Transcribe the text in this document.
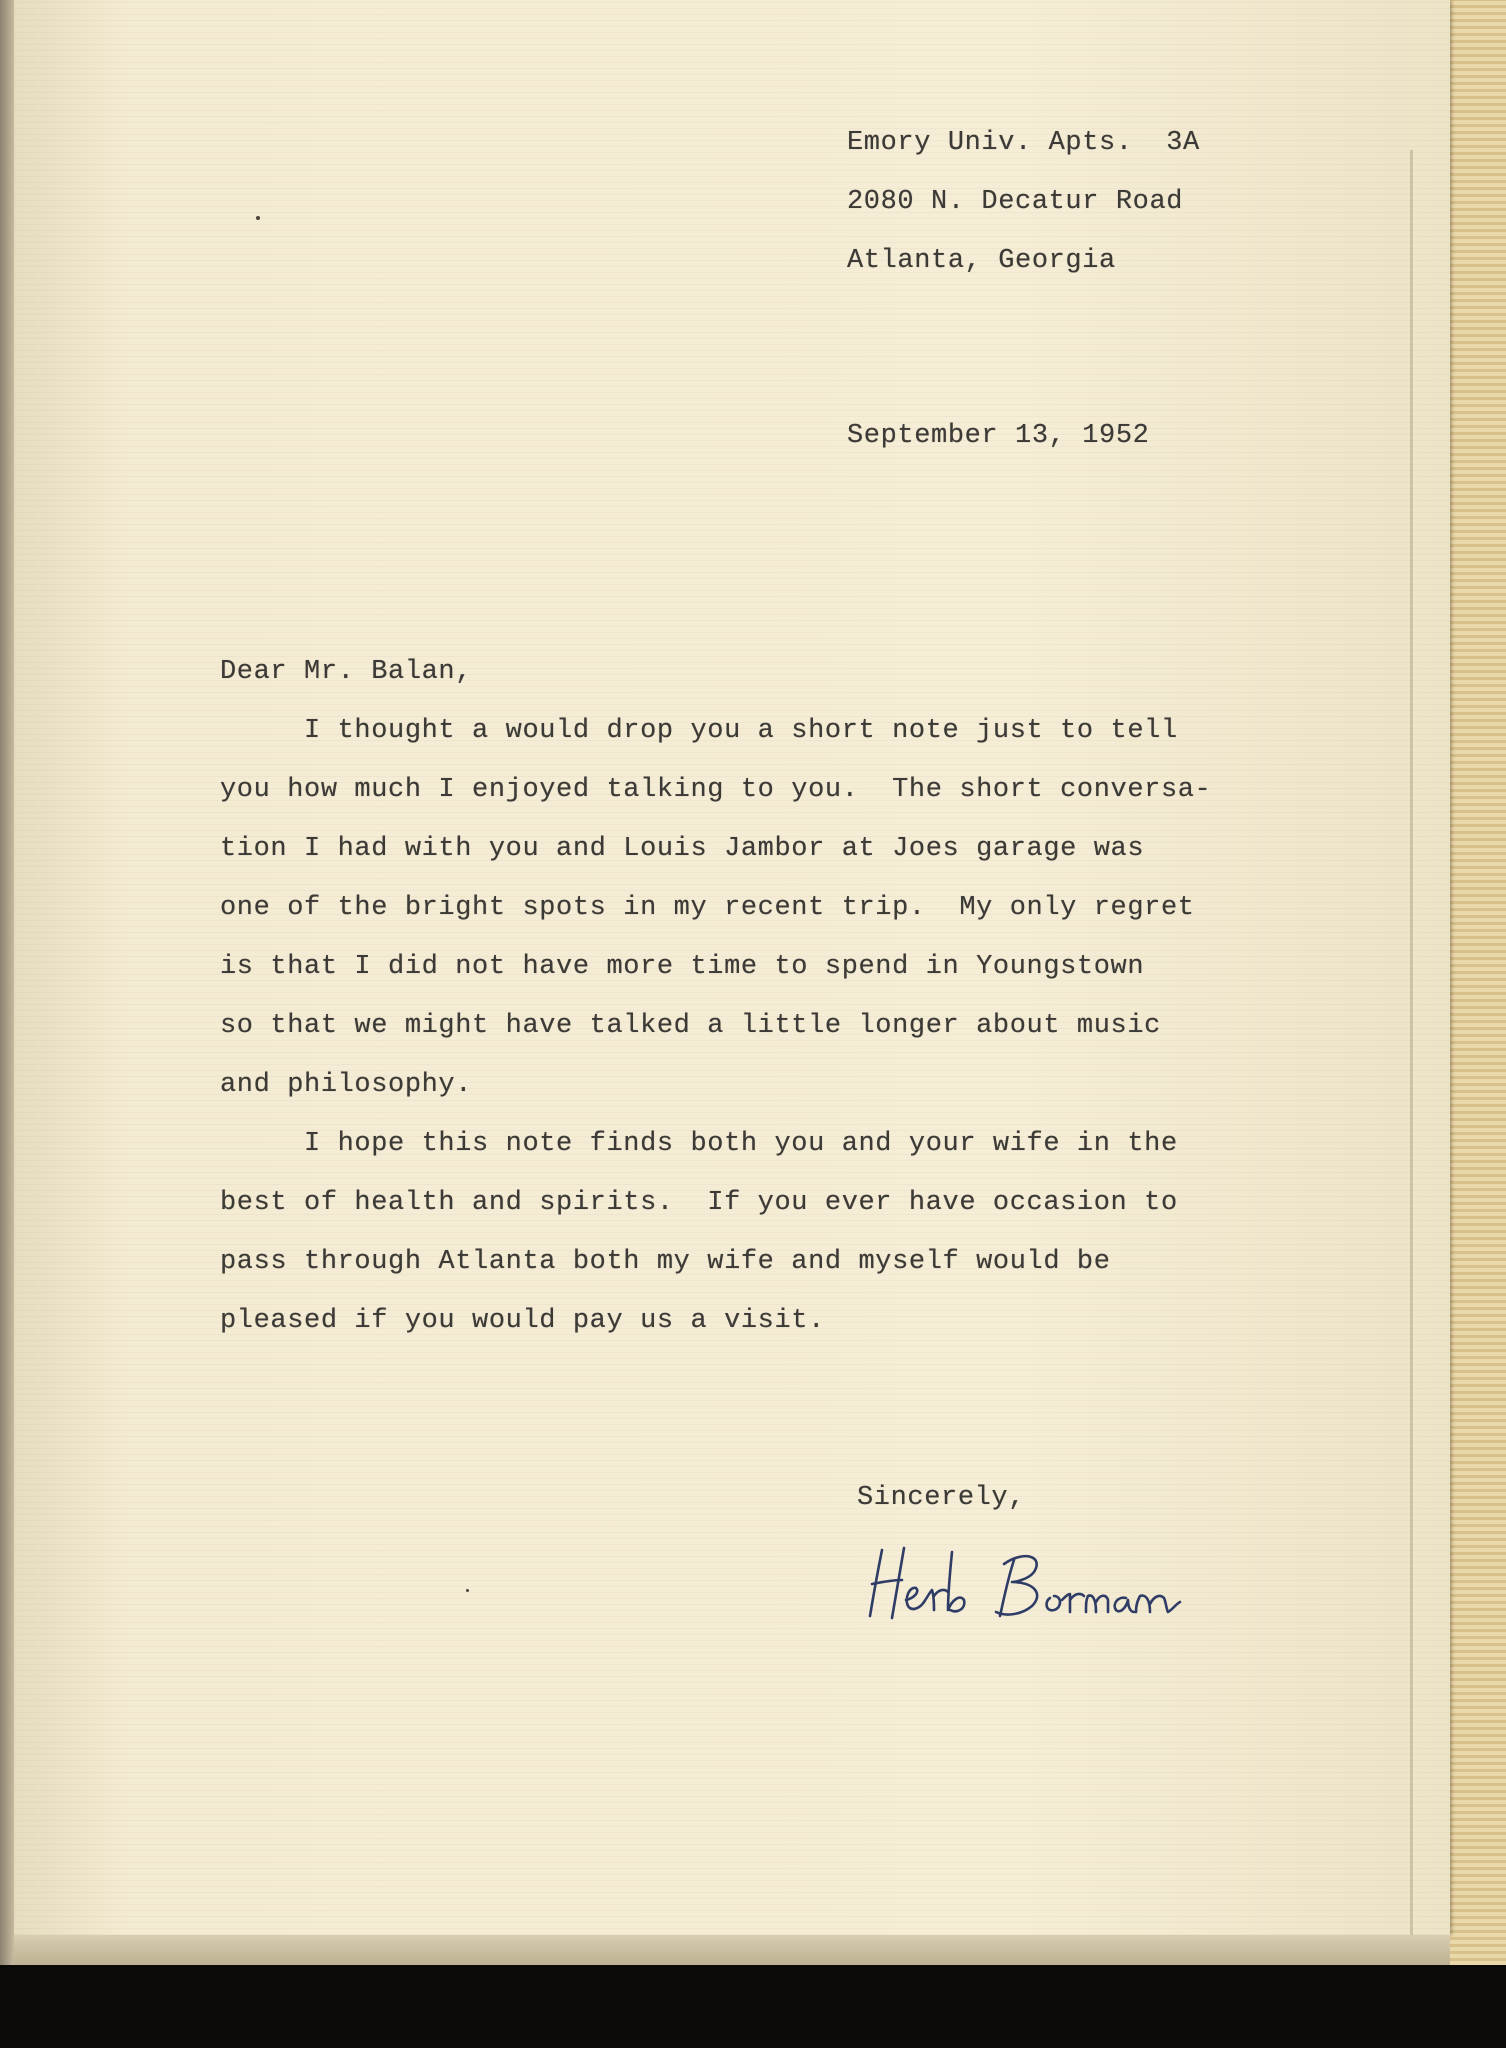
Emory Univ. Apts.  3A

2080 N. Decatur Road

Atlanta, Georgia

September 13, 1952

Dear Mr. Balan,

I thought a would drop you a short note just to tell

you how much I enjoyed talking to you.  The short conversa-

tion I had with you and Louis Jambor at Joes garage was

one of the bright spots in my recent trip.  My only regret

is that I did not have more time to spend in Youngstown

so that we might have talked a little longer about music

and philosophy.

I hope this note finds both you and your wife in the

best of health and spirits.  If you ever have occasion to

pass through Atlanta both my wife and myself would be

pleased if you would pay us a visit.

Sincerely,
